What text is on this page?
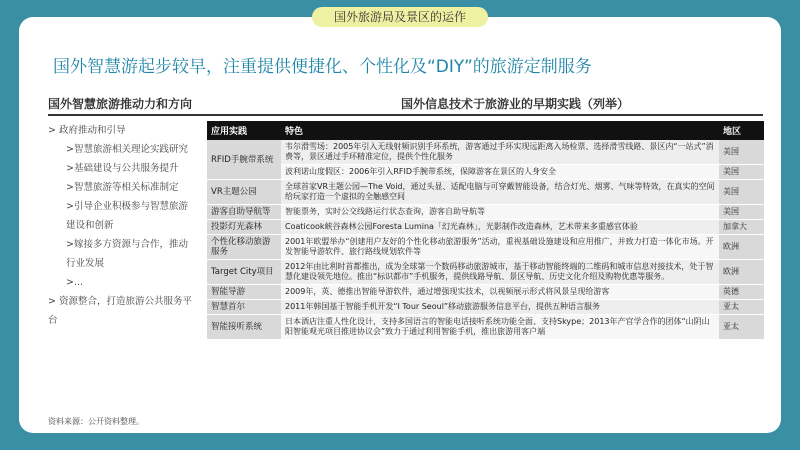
国外旅游局及景区的运作
国外智慧游起步较早，注重提供便捷化、个性化及“DIY”的旅游定制服务
国外智慧旅游推动力和方向
> 政府推动和引导
>智慧旅游相关理论实践研究
>基础建设与公共服务提升
>智慧旅游等相关标准制定
>引导企业积极参与智慧旅游
建设和创新
>嫁接多方资源与合作，推动
行业发展
>...
> 资源整合，打造旅游公共服务平
台
国外信息技术于旅游业的早期实践（列举）
应用实践	特色	地区
RFID手腕带系统	韦尔滑雪场：2005年引入无线射频识别手环系统，游客通过手环实现远距离入场检票、选择滑雪线路、景区内“一站式”消费等，景区通过手环精准定位，提供个性化服务	美国
	波利诺山度假区：2006年引入RFID手腕带系统，保障游客在景区的人身安全	美国
VR主题公园	全球首家VR主题公园—The Void，通过头显、适配电脑与可穿戴智能设备，结合灯光、烟雾、气味等特效，在真实的空间给玩家打造一个虚拟的全触感空间	美国
游客自助导航等	智能票务，实时公交线路运行状态查询，游客自助导航等	美国
投影灯光森林	Coaticook峡谷森林公园Foresta Lumina「幻光森林」，光影制作改造森林，艺术带来多重感官体验	加拿大
个性化移动旅游服务	2001年欧盟举办“创建用户友好的个性化移动旅游服务”活动，重视基础设施建设和应用推广，并致力打造一体化市场。开发智能导游软件、旅行路线规划软件等	欧洲
Target City项目	2012年由比利时首都推出，成为全球第一个数码移动旅游城市，基于移动智能终端的二维码和城市信息对接技术，处于智慧化建设领先地位。推出“标识都市”手机服务，提供线路导航、景区导航、历史文化介绍及购物优惠等服务。	欧洲
智能导游	2009年，英、德推出智能导游软件，通过增强现实技术，以视频展示形式将风景呈现给游客	英德
智慧首尔	2011年韩国基于智能手机开发“I Tour Seoul”移动旅游服务信息平台，提供五种语言服务	亚太
智能接听系统	日本酒店注重人性化设计，支持多国语言的智能电话接听系统功能全面、支持Skype；2013年产官学合作的团体“山阴山阳智能观光项目推进协议会”致力于通过利用智能手机，推出旅游用客户端	亚太
资料来源：公开资料整理。
